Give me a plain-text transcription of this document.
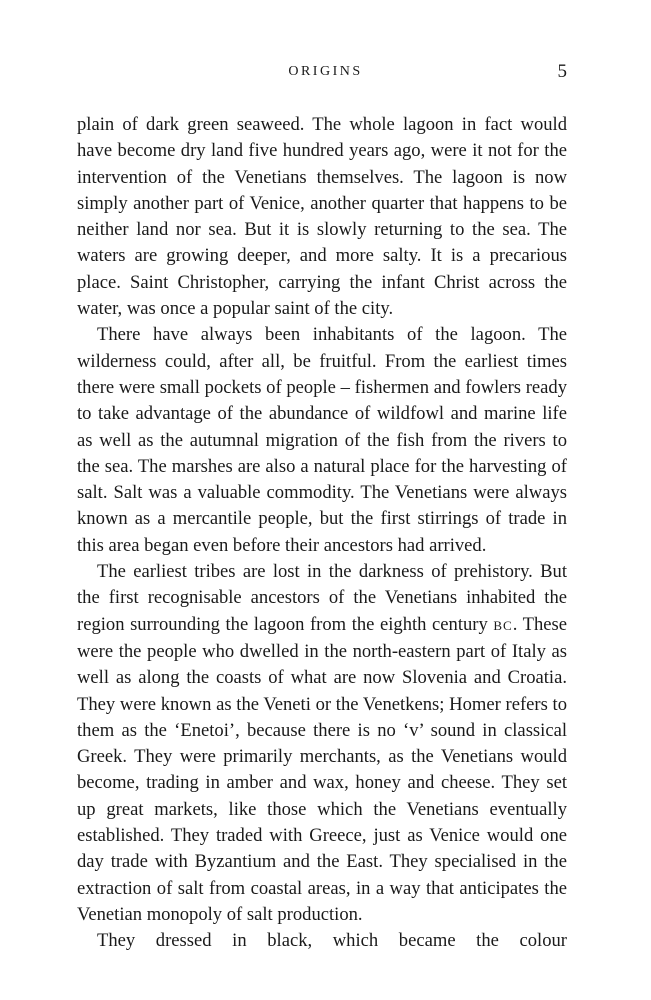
ORIGINS	5

plain of dark green seaweed. The whole lagoon in fact would have become dry land five hundred years ago, were it not for the intervention of the Venetians themselves. The lagoon is now simply another part of Venice, another quarter that happens to be neither land nor sea. But it is slowly returning to the sea. The waters are growing deeper, and more salty. It is a precarious place. Saint Christopher, carrying the infant Christ across the water, was once a popular saint of the city.

There have always been inhabitants of the lagoon. The wilderness could, after all, be fruitful. From the earliest times there were small pockets of people – fishermen and fowlers ready to take advantage of the abundance of wildfowl and marine life as well as the autumnal migration of the fish from the rivers to the sea. The marshes are also a natural place for the harvesting of salt. Salt was a valuable commodity. The Venetians were always known as a mercantile people, but the first stirrings of trade in this area began even before their ancestors had arrived.

The earliest tribes are lost in the darkness of prehistory. But the first recognisable ancestors of the Venetians inhabited the region surrounding the lagoon from the eighth century BC. These were the people who dwelled in the north-eastern part of Italy as well as along the coasts of what are now Slovenia and Croatia. They were known as the Veneti or the Venetkens; Homer refers to them as the ‘Enetoi’, because there is no ‘v’ sound in classical Greek. They were primarily merchants, as the Venetians would become, trading in amber and wax, honey and cheese. They set up great markets, like those which the Venetians eventually established. They traded with Greece, just as Venice would one day trade with Byzantium and the East. They specialised in the extraction of salt from coastal areas, in a way that anticipates the Venetian monopoly of salt production.

They dressed in black, which became the colour
